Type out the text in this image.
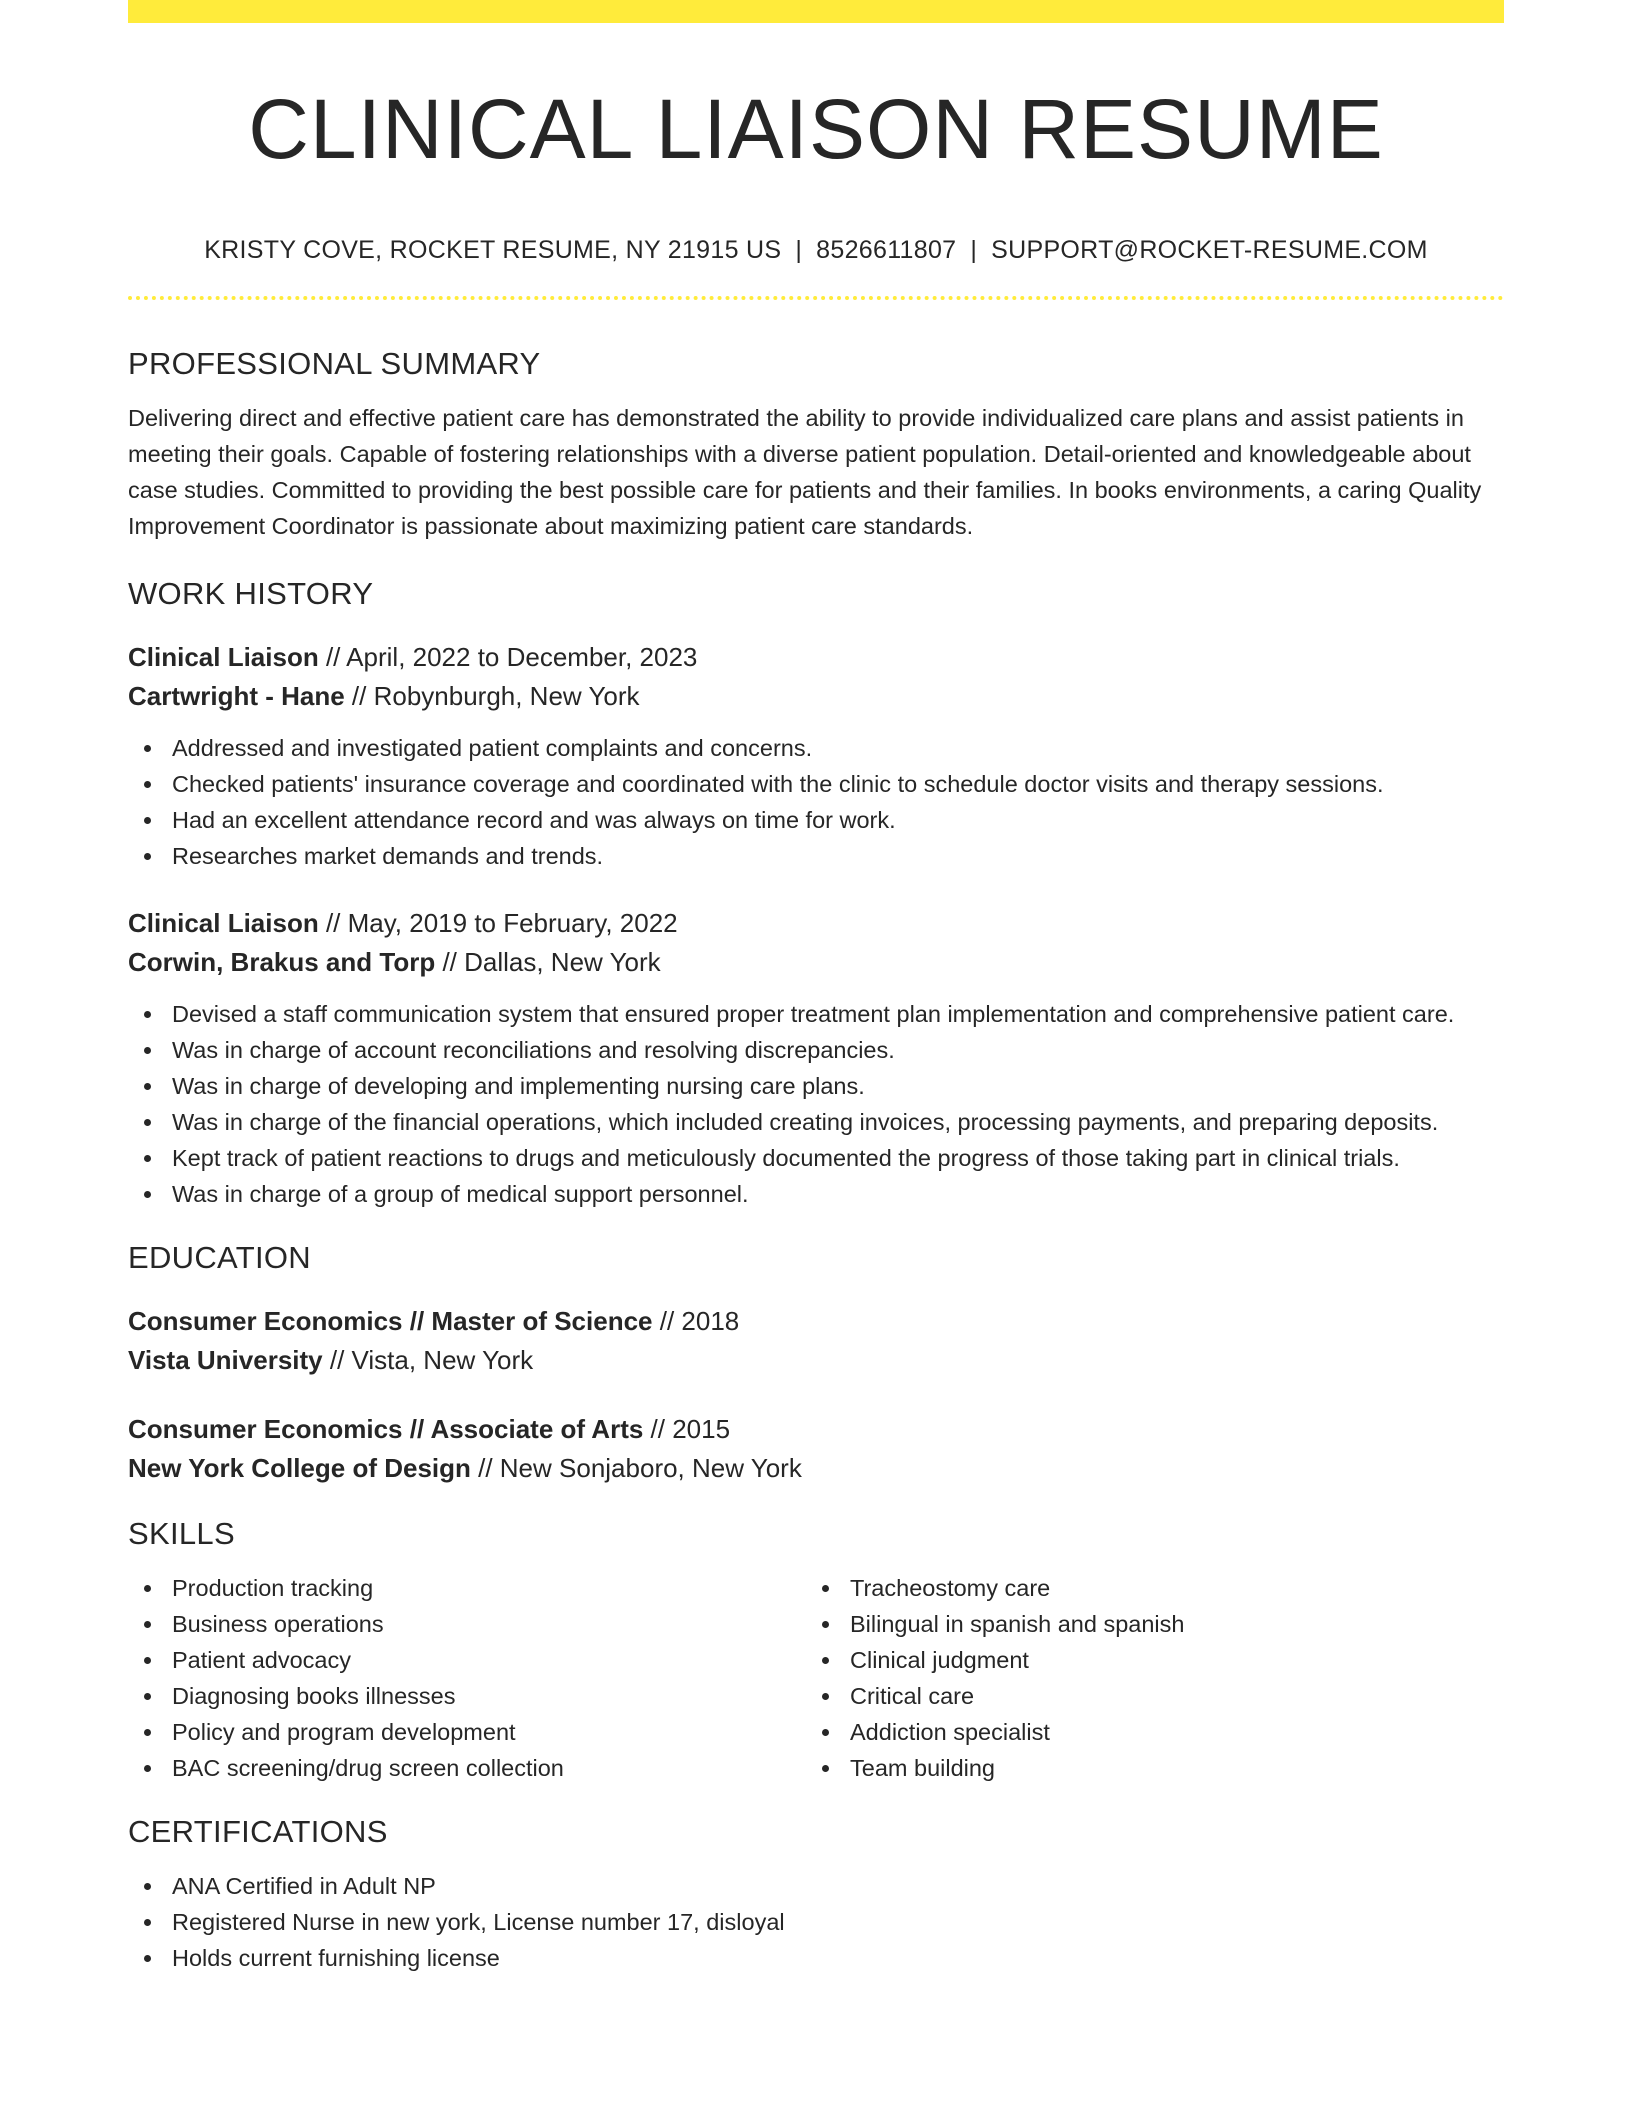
CLINICAL LIAISON RESUME
KRISTY COVE, ROCKET RESUME, NY 21915 US | 8526611807 | SUPPORT@ROCKET-RESUME.COM
PROFESSIONAL SUMMARY

Delivering direct and effective patient care has demonstrated the ability to provide individualized care plans and assist patients in meeting their goals. Capable of fostering relationships with a diverse patient population. Detail-oriented and knowledgeable about case studies. Committed to providing the best possible care for patients and their families. In books environments, a caring Quality Improvement Coordinator is passionate about maximizing patient care standards.

WORK HISTORY
Clinical Liaison // April, 2022 to December, 2023
Cartwright - Hane // Robynburgh, New York
Addressed and investigated patient complaints and concerns.
Checked patients' insurance coverage and coordinated with the clinic to schedule doctor visits and therapy sessions.
Had an excellent attendance record and was always on time for work.
Researches market demands and trends.
Clinical Liaison // May, 2019 to February, 2022
Corwin, Brakus and Torp // Dallas, New York
Devised a staff communication system that ensured proper treatment plan implementation and comprehensive patient care.
Was in charge of account reconciliations and resolving discrepancies.
Was in charge of developing and implementing nursing care plans.
Was in charge of the financial operations, which included creating invoices, processing payments, and preparing deposits.
Kept track of patient reactions to drugs and meticulously documented the progress of those taking part in clinical trials.
Was in charge of a group of medical support personnel.
EDUCATION
Consumer Economics // Master of Science // 2018
Vista University // Vista, New York
Consumer Economics // Associate of Arts // 2015
New York College of Design // New Sonjaboro, New York
SKILLS
Production tracking
Business operations
Patient advocacy
Diagnosing books illnesses
Policy and program development
BAC screening/drug screen collection
Tracheostomy care
Bilingual in spanish and spanish
Clinical judgment
Critical care
Addiction specialist
Team building
CERTIFICATIONS
ANA Certified in Adult NP
Registered Nurse in new york, License number 17, disloyal
Holds current furnishing license
